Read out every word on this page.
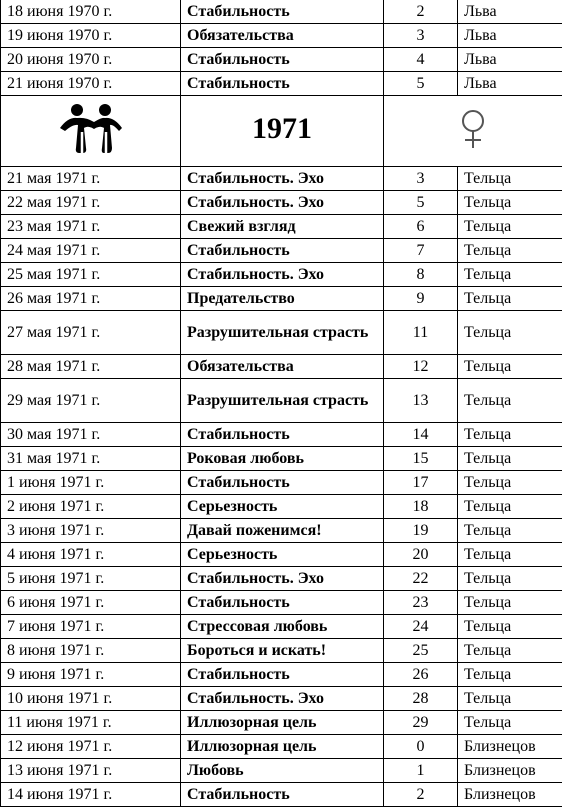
18 июня 1970 г.	Стабильность	2	Льва
19 июня 1970 г.	Обязательства	3	Льва
20 июня 1970 г.	Стабильность	4	Льва
21 июня 1970 г.	Стабильность	5	Льва
	1971	
21 мая 1971 г.	Стабильность. Эхо	3	Тельца
22 мая 1971 г.	Стабильность. Эхо	5	Тельца
23 мая 1971 г.	Свежий взгляд	6	Тельца
24 мая 1971 г.	Стабильность	7	Тельца
25 мая 1971 г.	Стабильность. Эхо	8	Тельца
26 мая 1971 г.	Предательство	9	Тельца
27 мая 1971 г.	Разрушительная страсть	11	Тельца
28 мая 1971 г.	Обязательства	12	Тельца
29 мая 1971 г.	Разрушительная страсть	13	Тельца
30 мая 1971 г.	Стабильность	14	Тельца
31 мая 1971 г.	Роковая любовь	15	Тельца
1 июня 1971 г.	Стабильность	17	Тельца
2 июня 1971 г.	Серьезность	18	Тельца
3 июня 1971 г.	Давай поженимся!	19	Тельца
4 июня 1971 г.	Серьезность	20	Тельца
5 июня 1971 г.	Стабильность. Эхо	22	Тельца
6 июня 1971 г.	Стабильность	23	Тельца
7 июня 1971 г.	Стрессовая любовь	24	Тельца
8 июня 1971 г.	Бороться и искать!	25	Тельца
9 июня 1971 г.	Стабильность	26	Тельца
10 июня 1971 г.	Стабильность. Эхо	28	Тельца
11 июня 1971 г.	Иллюзорная цель	29	Тельца
12 июня 1971 г.	Иллюзорная цель	0	Близнецов
13 июня 1971 г.	Любовь	1	Близнецов
14 июня 1971 г.	Стабильность	2	Близнецов
